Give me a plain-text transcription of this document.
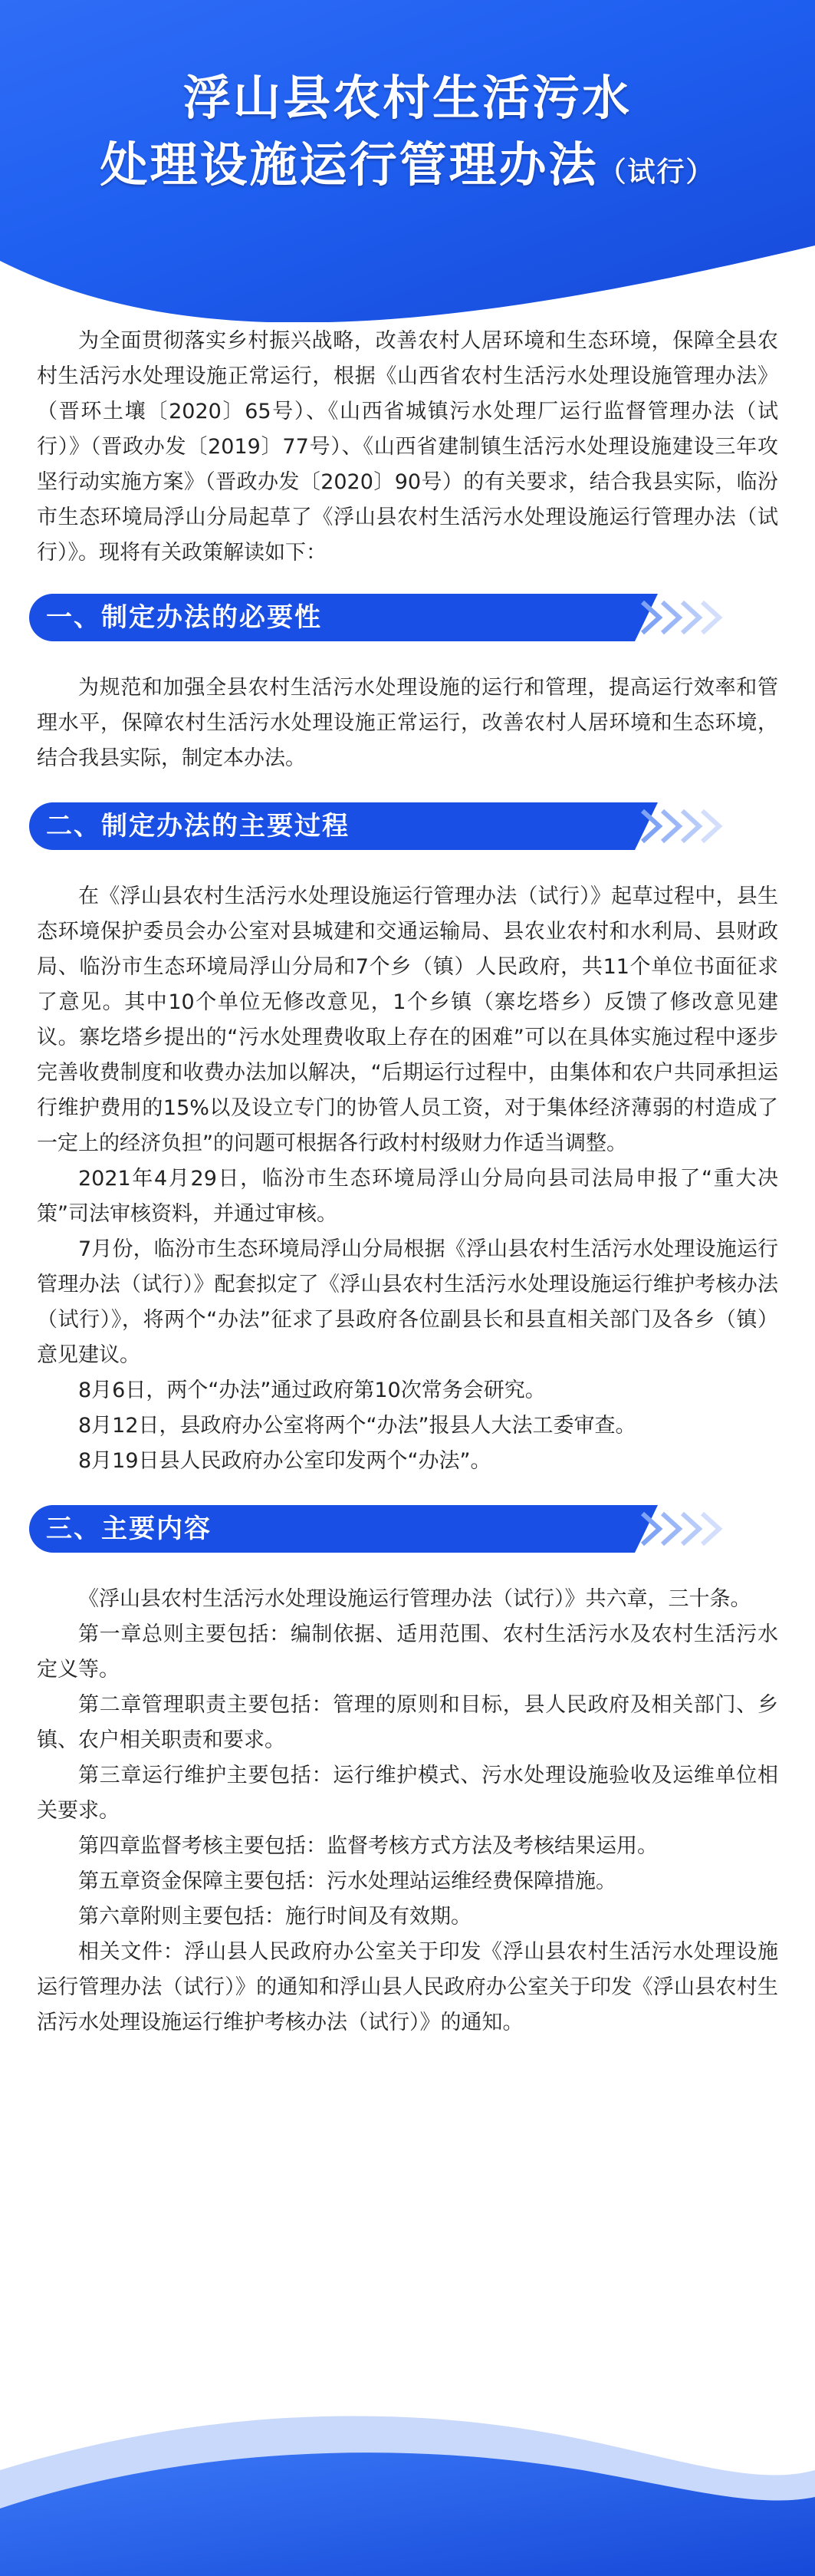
浮山县农村生活污水
处理设施运行管理办法（试行）

为全面贯彻落实乡村振兴战略，改善农村人居环境和生态环境，保障全县农村生活污水处理设施正常运行，根据《山西省农村生活污水处理设施管理办法》（晋环土壤〔2020〕65号）、《山西省城镇污水处理厂运行监督管理办法（试行）》（晋政办发〔2019〕77号）、《山西省建制镇生活污水处理设施建设三年攻坚行动实施方案》（晋政办发〔2020〕90号）的有关要求，结合我县实际，临汾市生态环境局浮山分局起草了《浮山县农村生活污水处理设施运行管理办法（试行）》。现将有关政策解读如下：

一、制定办法的必要性

为规范和加强全县农村生活污水处理设施的运行和管理，提高运行效率和管理水平，保障农村生活污水处理设施正常运行，改善农村人居环境和生态环境，结合我县实际，制定本办法。

二、制定办法的主要过程

在《浮山县农村生活污水处理设施运行管理办法（试行）》起草过程中，县生态环境保护委员会办公室对县城建和交通运输局、县农业农村和水利局、县财政局、临汾市生态环境局浮山分局和7个乡（镇）人民政府，共11个单位书面征求了意见。其中10个单位无修改意见，1个乡镇（寨圪塔乡）反馈了修改意见建议。寨圪塔乡提出的“污水处理费收取上存在的困难”可以在具体实施过程中逐步完善收费制度和收费办法加以解决，“后期运行过程中，由集体和农户共同承担运行维护费用的15%以及设立专门的协管人员工资，对于集体经济薄弱的村造成了一定上的经济负担”的问题可根据各行政村村级财力作适当调整。

2021年4月29日，临汾市生态环境局浮山分局向县司法局申报了“重大决策”司法审核资料，并通过审核。

7月份，临汾市生态环境局浮山分局根据《浮山县农村生活污水处理设施运行管理办法（试行）》配套拟定了《浮山县农村生活污水处理设施运行维护考核办法（试行）》，将两个“办法”征求了县政府各位副县长和县直相关部门及各乡（镇）意见建议。

8月6日，两个“办法”通过政府第10次常务会研究。

8月12日，县政府办公室将两个“办法”报县人大法工委审查。

8月19日县人民政府办公室印发两个“办法”。

三、主要内容

《浮山县农村生活污水处理设施运行管理办法（试行）》共六章，三十条。

第一章总则主要包括：编制依据、适用范围、农村生活污水及农村生活污水定义等。

第二章管理职责主要包括：管理的原则和目标，县人民政府及相关部门、乡镇、农户相关职责和要求。

第三章运行维护主要包括：运行维护模式、污水处理设施验收及运维单位相关要求。

第四章监督考核主要包括：监督考核方式方法及考核结果运用。

第五章资金保障主要包括：污水处理站运维经费保障措施。

第六章附则主要包括：施行时间及有效期。

相关文件：浮山县人民政府办公室关于印发《浮山县农村生活污水处理设施运行管理办法（试行）》的通知和浮山县人民政府办公室关于印发《浮山县农村生活污水处理设施运行维护考核办法（试行）》的通知。
